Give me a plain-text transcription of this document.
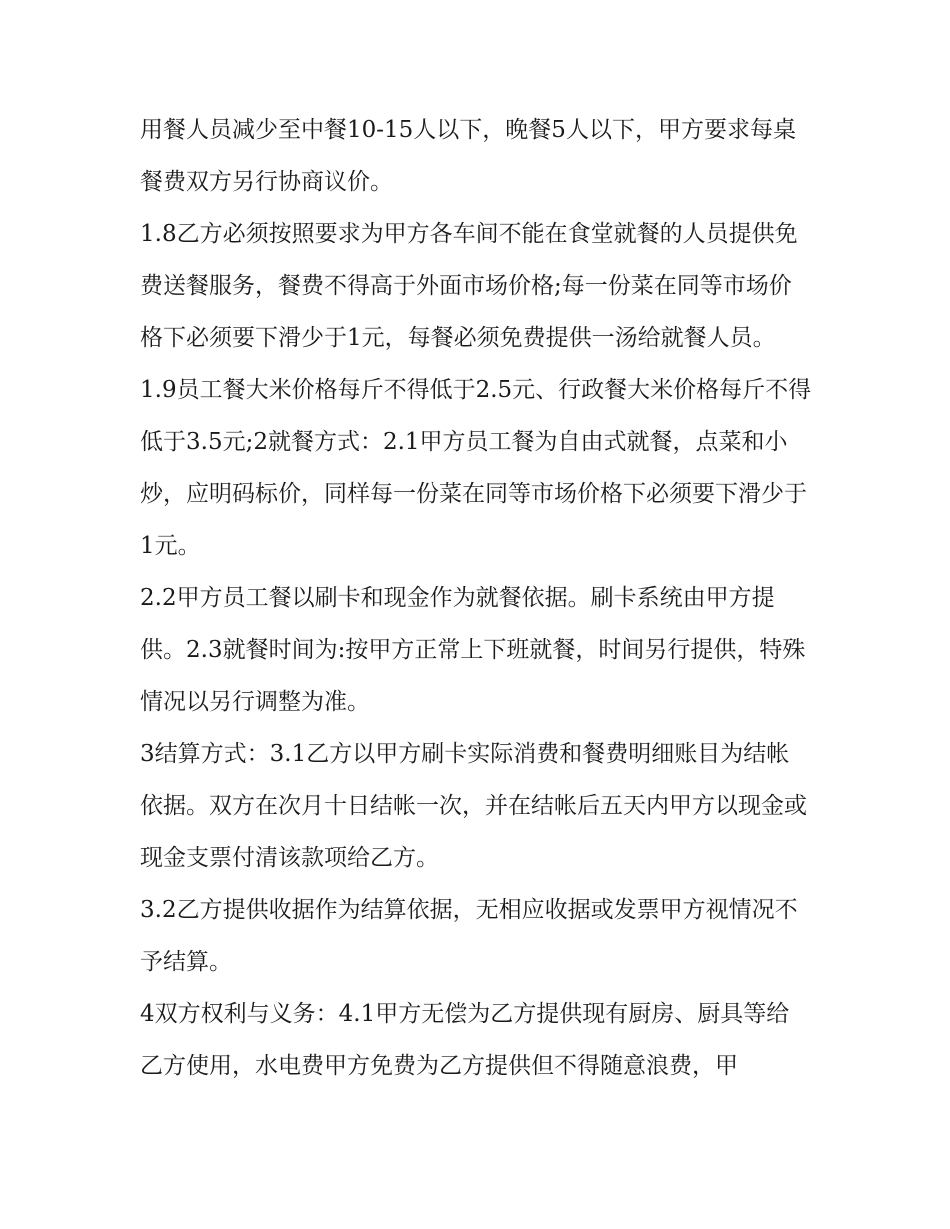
用餐人员减少至中餐10-15人以下，晚餐5人以下，甲方要求每桌餐费双方另行协商议价。

1.8乙方必须按照要求为甲方各车间不能在食堂就餐的人员提供免费送餐服务，餐费不得高于外面市场价格;每一份菜在同等市场价格下必须要下滑少于1元，每餐必须免费提供一汤给就餐人员。

1.9员工餐大米价格每斤不得低于2.5元、行政餐大米价格每斤不得低于3.5元;2就餐方式：2.1甲方员工餐为自由式就餐，点菜和小炒，应明码标价，同样每一份菜在同等市场价格下必须要下滑少于1元。

2.2甲方员工餐以刷卡和现金作为就餐依据。刷卡系统由甲方提供。2.3就餐时间为:按甲方正常上下班就餐，时间另行提供，特殊情况以另行调整为准。

3结算方式：3.1乙方以甲方刷卡实际消费和餐费明细账目为结帐依据。双方在次月十日结帐一次，并在结帐后五天内甲方以现金或现金支票付清该款项给乙方。

3.2乙方提供收据作为结算依据，无相应收据或发票甲方视情况不予结算。

4双方权利与义务：4.1甲方无偿为乙方提供现有厨房、厨具等给乙方使用，水电费甲方免费为乙方提供但不得随意浪费，甲
